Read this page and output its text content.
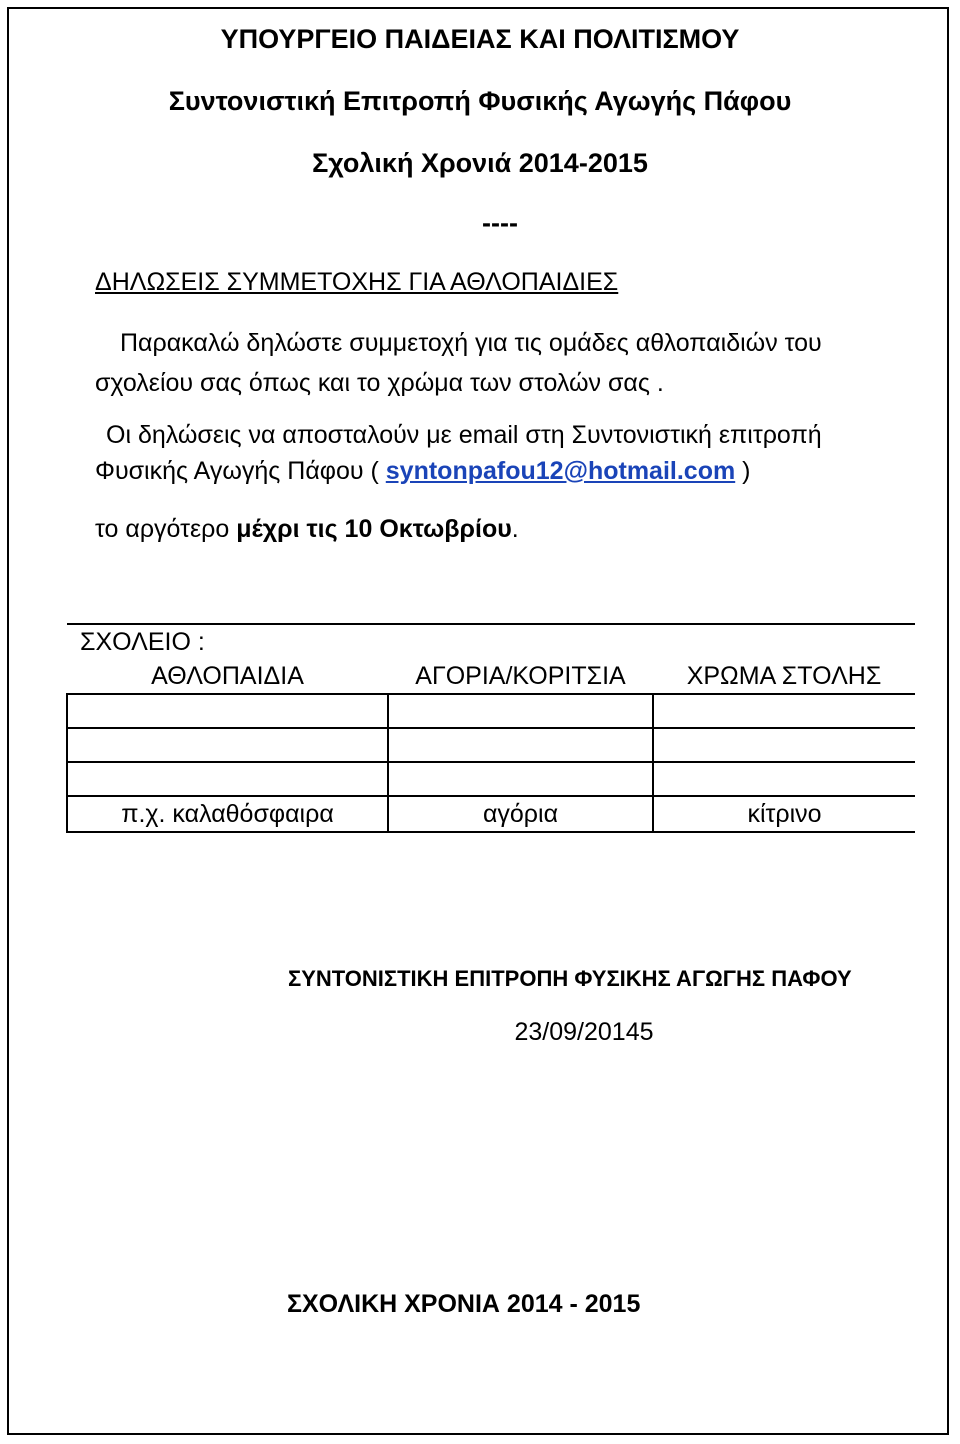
ΥΠΟΥΡΓΕΙΟ ΠΑΙΔΕΙΑΣ ΚΑΙ ΠΟΛΙΤΙΣΜΟΥ
Συντονιστική Επιτροπή Φυσικής Αγωγής Πάφου
Σχολική Χρονιά 2014-2015
----
ΔΗΛΩΣΕΙΣ ΣΥΜΜΕΤΟΧΗΣ ΓΙΑ ΑΘΛΟΠΑΙΔΙΕΣ
Παρακαλώ δηλώστε συμμετοχή για τις ομάδες αθλοπαιδιών του
σχολείου σας όπως και το χρώμα των στολών σας .
Οι δηλώσεις να αποσταλούν με email στη Συντονιστική επιτροπή
Φυσικής Αγωγής Πάφου ( syntonpafou12@hotmail.com )
το αργότερο μέχρι τις 10 Οκτωβρίου.
ΣΧΟΛΕΙΟ :		
ΑΘΛΟΠΑΙΔΙΑ	ΑΓΟΡΙΑ/ΚΟΡΙΤΣΙΑ	ΧΡΩΜΑ ΣΤΟΛΗΣ

π.χ. καλαθόσφαιρα	αγόρια	κίτρινο
ΣΥΝΤΟΝΙΣΤΙΚΗ ΕΠΙΤΡΟΠΗ ΦΥΣΙΚΗΣ ΑΓΩΓΗΣ ΠΑΦΟΥ
23/09/20145
ΣΧΟΛΙΚΗ ΧΡΟΝΙΑ 2014 - 2015
